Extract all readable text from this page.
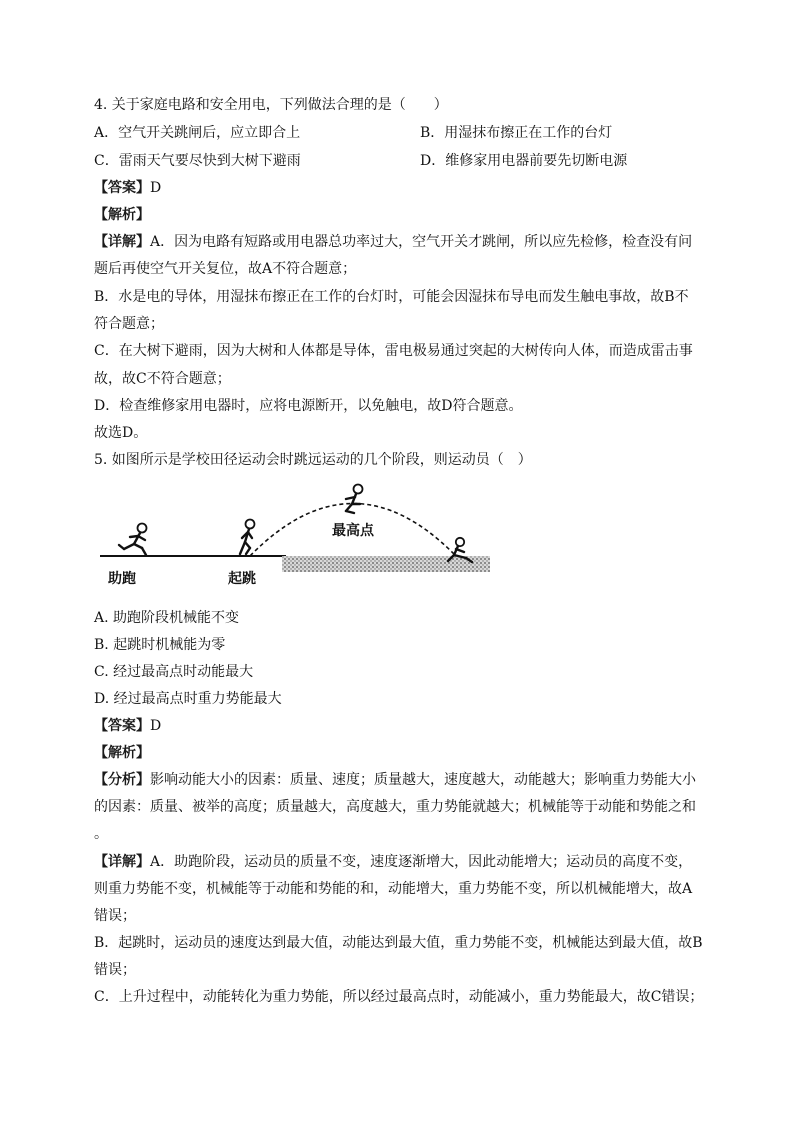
4. 关于家庭电路和安全用电，下列做法合理的是（　　）
A．空气开关跳闸后，应立即合上	B．用湿抹布擦正在工作的台灯
C．雷雨天气要尽快到大树下避雨	D．维修家用电器前要先切断电源
【答案】D
【解析】
【详解】A．因为电路有短路或用电器总功率过大，空气开关才跳闸，所以应先检修，检查没有问
题后再使空气开关复位，故A不符合题意；
B．水是电的导体，用湿抹布擦正在工作的台灯时，可能会因湿抹布导电而发生触电事故，故B不
符合题意；
C．在大树下避雨，因为大树和人体都是导体，雷电极易通过突起的大树传向人体，而造成雷击事
故，故C不符合题意；
D．检查维修家用电器时，应将电源断开，以免触电，故D符合题意。
故选D。
5. 如图所示是学校田径运动会时跳远运动的几个阶段，则运动员（　）
助跑	起跳
最高点
A. 助跑阶段机械能不变
B. 起跳时机械能为零
C. 经过最高点时动能最大
D. 经过最高点时重力势能最大
【答案】D
【解析】
【分析】影响动能大小的因素：质量、速度；质量越大，速度越大，动能越大；影响重力势能大小
的因素：质量、被举的高度；质量越大，高度越大，重力势能就越大；机械能等于动能和势能之和
。
【详解】A．助跑阶段，运动员的质量不变，速度逐渐增大，因此动能增大；运动员的高度不变，
则重力势能不变，机械能等于动能和势能的和，动能增大，重力势能不变，所以机械能增大，故A
错误；
B．起跳时，运动员的速度达到最大值，动能达到最大值，重力势能不变，机械能达到最大值，故B
错误；
C．上升过程中，动能转化为重力势能，所以经过最高点时，动能减小，重力势能最大，故C错误；
